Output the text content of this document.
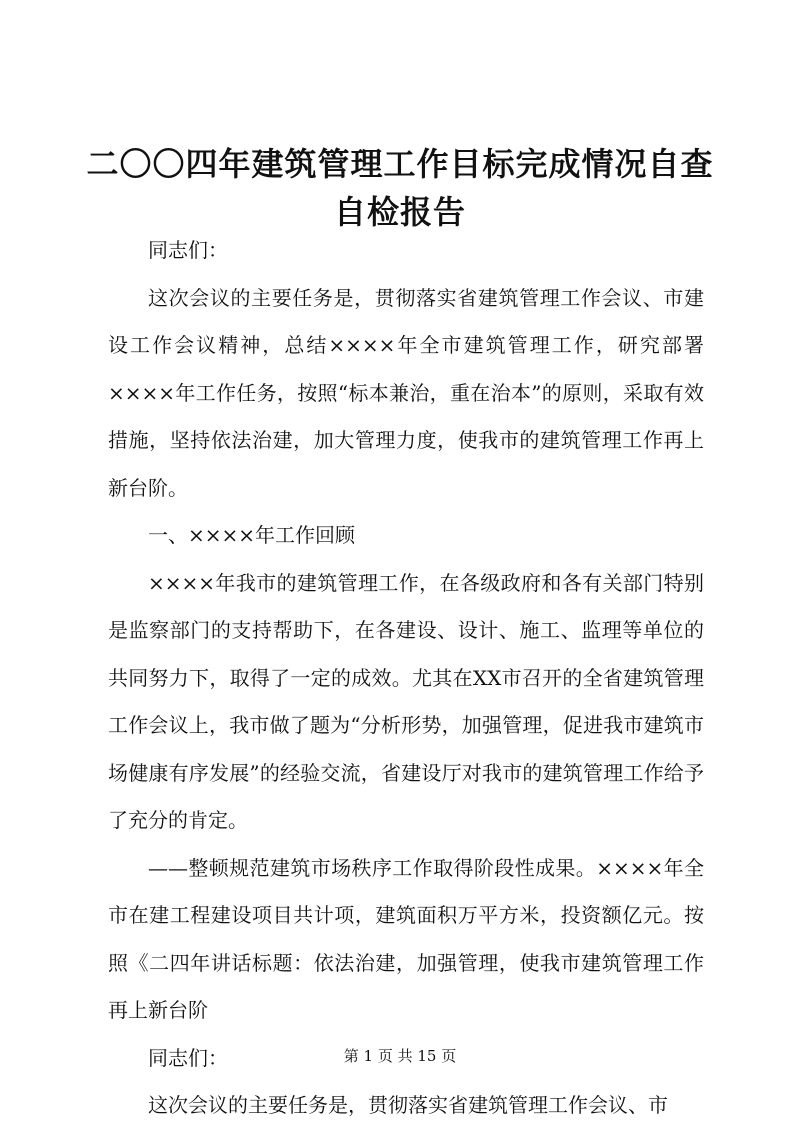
二〇〇四年建筑管理工作目标完成情况自查自检报告

同志们：

这次会议的主要任务是，贯彻落实省建筑管理工作会议、市建设工作会议精神，总结××××年全市建筑管理工作，研究部署××××年工作任务，按照“标本兼治，重在治本”的原则，采取有效措施，坚持依法治建，加大管理力度，使我市的建筑管理工作再上新台阶。

一、××××年工作回顾

××××年我市的建筑管理工作，在各级政府和各有关部门特别是监察部门的支持帮助下，在各建设、设计、施工、监理等单位的共同努力下，取得了一定的成效。尤其在XX市召开的全省建筑管理工作会议上，我市做了题为“分析形势，加强管理，促进我市建筑市场健康有序发展”的经验交流，省建设厅对我市的建筑管理工作给予了充分的肯定。

——整顿规范建筑市场秩序工作取得阶段性成果。××××年全市在建工程建设项目共计项，建筑面积万平方米，投资额亿元。按照《二四年讲话标题：依法治建，加强管理，使我市建筑管理工作再上新台阶

同志们：

这次会议的主要任务是，贯彻落实省建筑管理工作会议、市

第 1 页 共 15 页
